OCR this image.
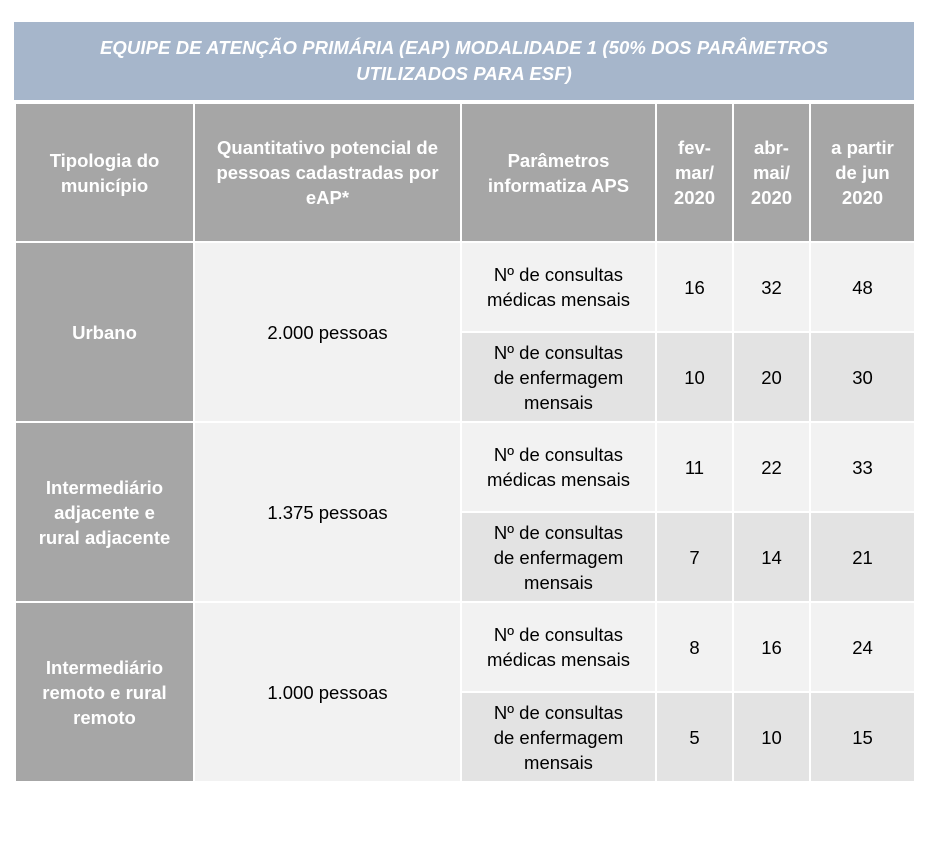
EQUIPE DE ATENÇÃO PRIMÁRIA (EAP) MODALIDADE 1 (50% DOS PARÂMETROS UTILIZADOS PARA ESF)
Tipologia do município	Quantitativo potencial de pessoas cadastradas por eAP*	Parâmetros informatiza APS	fev-mar/ 2020	abr-mai/ 2020	a partir de jun 2020
Urbano	2.000 pessoas	Nº de consultas médicas mensais	16	32	48
		Nº de consultas de enfermagem mensais	10	20	30
Intermediário adjacente e rural adjacente	1.375 pessoas	Nº de consultas médicas mensais	11	22	33
		Nº de consultas de enfermagem mensais	7	14	21
Intermediário remoto e rural remoto	1.000 pessoas	Nº de consultas médicas mensais	8	16	24
		Nº de consultas de enfermagem mensais	5	10	15
